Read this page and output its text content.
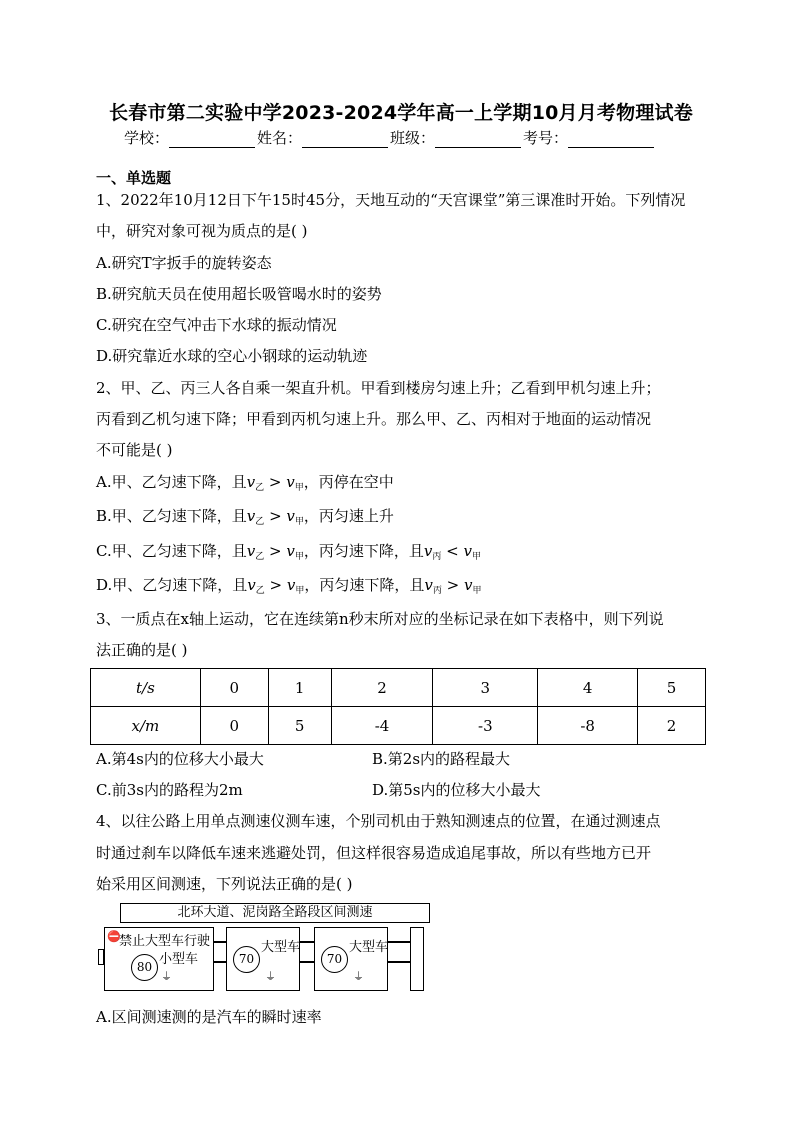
长春市第二实验中学2023-2024学年高一上学期10月月考物理试卷
学校：	姓名：	班级：	考号：
一、单选题
1、2022年10月12日下午15时45分，天地互动的“天宫课堂”第三课准时开始。下列情况
中，研究对象可视为质点的是( )
A.研究T字扳手的旋转姿态
B.研究航天员在使用超长吸管喝水时的姿势
C.研究在空气冲击下水球的振动情况
D.研究靠近水球的空心小钢球的运动轨迹
2、甲、乙、丙三人各自乘一架直升机。甲看到楼房匀速上升；乙看到甲机匀速上升；
丙看到乙机匀速下降；甲看到丙机匀速上升。那么甲、乙、丙相对于地面的运动情况
不可能是( )
A.甲、乙匀速下降，且$v_乙 > v_甲$，丙停在空中
B.甲、乙匀速下降，且$v_乙 > v_甲$，丙匀速上升
C.甲、乙匀速下降，且$v_乙 > v_甲$，丙匀速下降，且$v_丙 < v_甲$
D.甲、乙匀速下降，且$v_乙 > v_甲$，丙匀速下降，且$v_丙 > v_甲$
3、一质点在x轴上运动，它在连续第n秒末所对应的坐标记录在如下表格中，则下列说
法正确的是( )
t/s	0	1	2	3	4	5
x/m	0	5	-4	-3	-8	2
A.第4s内的位移大小最大	B.第2s内的路程最大
C.前3s内的路程为2m	D.第5s内的位移大小最大
4、以往公路上用单点测速仪测车速，个别司机由于熟知测速点的位置，在通过测速点
时通过刹车以降低车速来逃避处罚，但这样很容易造成追尾事故，所以有些地方已开
始采用区间测速，下列说法正确的是( )
北环大道、泥岗路全路段区间测速
⛔
禁止大型车行驶
80 小型车
⏚
大型车
70
⏚
大型车
70
⏚
A.区间测速测的是汽车的瞬时速率
